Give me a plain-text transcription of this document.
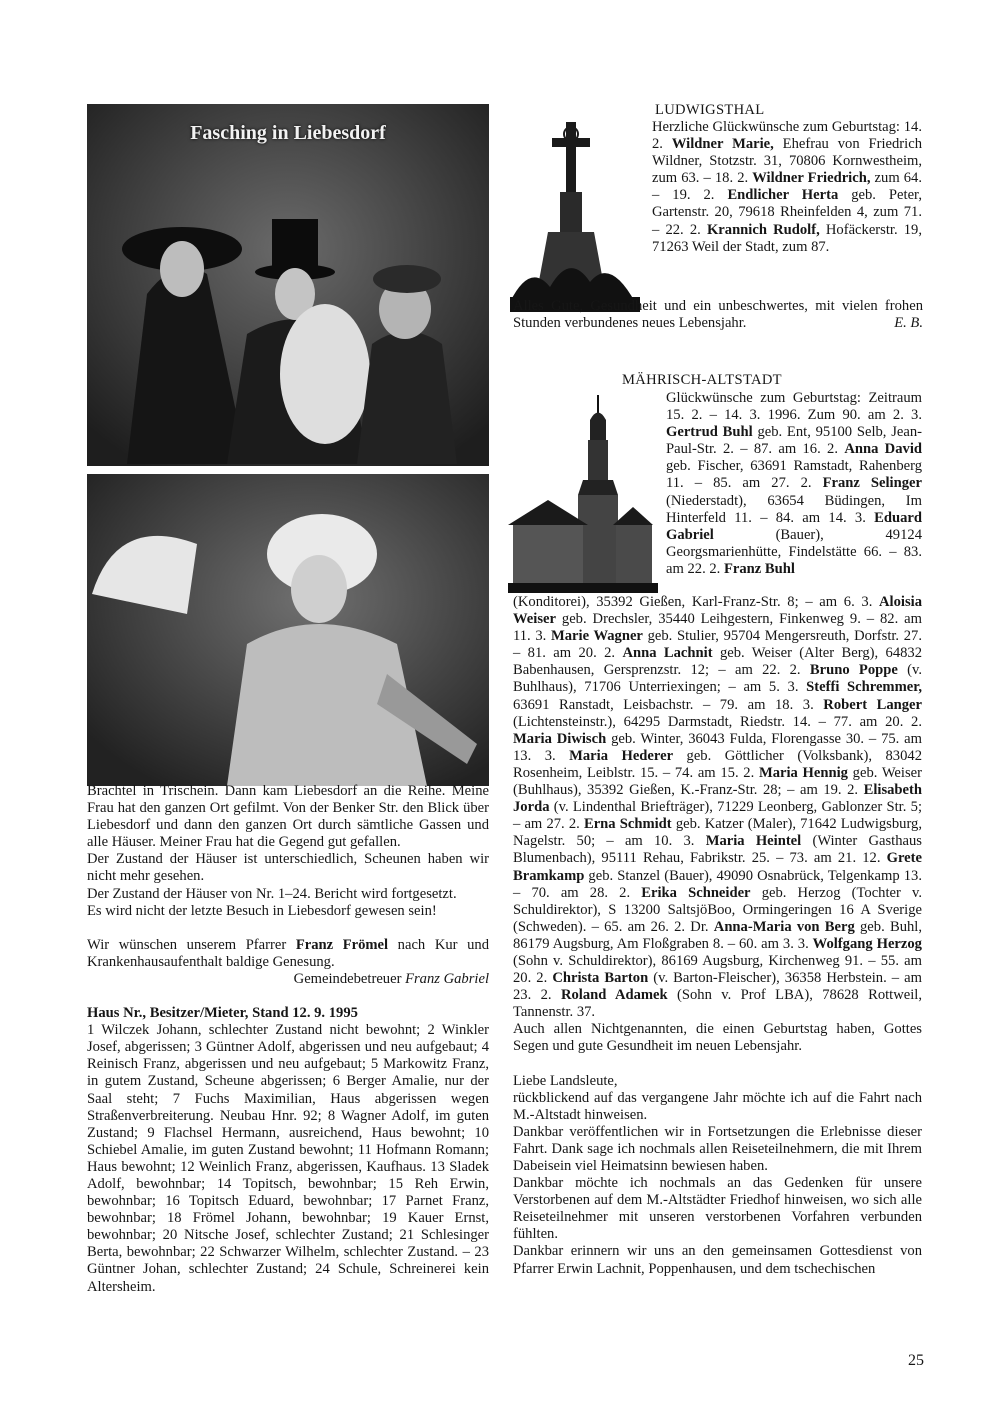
Fasching in Liebesdorf

Brachtel in Trischein. Dann kam Liebesdorf an die Reihe. Meine Frau hat den ganzen Ort gefilmt. Von der Benker Str. den Blick über Liebesdorf und dann den ganzen Ort durch sämtliche Gassen und alle Häuser. Meiner Frau hat die Gegend gut gefallen.

Der Zustand der Häuser ist unterschiedlich, Scheunen haben wir nicht mehr gesehen.

Der Zustand der Häuser von Nr. 1–24. Bericht wird fortgesetzt.

Es wird nicht der letzte Besuch in Liebesdorf gewesen sein!

Wir wünschen unserem Pfarrer Franz Frömel nach Kur und Krankenhausaufenthalt baldige Genesung.

Gemeindebetreuer Franz Gabriel

Haus Nr., Besitzer/Mieter, Stand 12. 9. 1995

1 Wilczek Johann, schlechter Zustand nicht bewohnt; 2 Winkler Josef, abgerissen; 3 Güntner Adolf, abgerissen und neu aufgebaut; 4 Reinisch Franz, abgerissen und neu aufgebaut; 5 Markowitz Franz, in gutem Zustand, Scheune abgerissen; 6 Berger Amalie, nur der Saal steht; 7 Fuchs Maximilian, Haus abgerissen wegen Straßenverbreiterung. Neubau Hnr. 92; 8 Wagner Adolf, im guten Zustand; 9 Flachsel Hermann, ausreichend, Haus bewohnt; 10 Schiebel Amalie, im guten Zustand bewohnt; 11 Hofmann Romann; Haus bewohnt; 12 Weinlich Franz, abgerissen, Kaufhaus. 13 Sladek Adolf, bewohnbar; 14 Topitsch, bewohnbar; 15 Reh Erwin, bewohnbar; 16 Topitsch Eduard, bewohnbar; 17 Parnet Franz, bewohnbar; 18 Frömel Johann, bewohnbar; 19 Kauer Ernst, bewohnbar; 20 Nitsche Josef, schlechter Zustand; 21 Schlesinger Berta, bewohnbar; 22 Schwarzer Wilhelm, schlechter Zustand. – 23 Güntner Johan, schlechter Zustand; 24 Schule, Schreinerei kein Altersheim.

LUDWIGSTHAL
Herzliche Glückwünsche zum Geburtstag: 14. 2. Wildner Marie, Ehefrau von Friedrich Wildner, Stotzstr. 31, 70806 Kornwestheim, zum 63. – 18. 2. Wildner Friedrich, zum 64. – 19. 2. Endlicher Herta geb. Peter, Gartenstr. 20, 79618 Rheinfelden 4, zum 71. – 22. 2. Krannich Rudolf, Hofäckerstr. 19, 71263 Weil der Stadt, zum 87.
Alles Gute, Gesundheit und ein unbeschwertes, mit vielen frohen Stunden verbundenes neues Lebensjahr.	E. B.
MÄHRISCH-ALTSTADT
Glückwünsche zum Geburtstag: Zeitraum 15. 2. – 14. 3. 1996. Zum 90. am 2. 3. Gertrud Buhl geb. Ent, 95100 Selb, Jean-Paul-Str. 2. – 87. am 16. 2. Anna David geb. Fischer, 63691 Ramstadt, Rahenberg 11. – 85. am 27. 2. Franz Selinger (Niederstadt), 63654 Büdingen, Im Hinterfeld 11. – 84. am 14. 3. Eduard Gabriel (Bauer), 49124 Georgsmarienhütte, Findelstätte 66. – 83. am 22. 2. Franz Buhl
(Konditorei), 35392 Gießen, Karl-Franz-Str. 8; – am 6. 3. Aloisia Weiser geb. Drechsler, 35440 Leihgestern, Finkenweg 9. – 82. am 11. 3. Marie Wagner geb. Stulier, 95704 Mengersreuth, Dorfstr. 27. – 81. am 20. 2. Anna Lachnit geb. Weiser (Alter Berg), 64832 Babenhausen, Gersprenzstr. 12; – am 22. 2. Bruno Poppe (v. Buhlhaus), 71706 Unterriexingen; – am 5. 3. Steffi Schremmer, 63691 Ranstadt, Leisbachstr. – 79. am 18. 3. Robert Langer (Lichtensteinstr.), 64295 Darmstadt, Riedstr. 14. – 77. am 20. 2. Maria Diwisch geb. Winter, 36043 Fulda, Florengasse 30. – 75. am 13. 3. Maria Hederer geb. Göttlicher (Volksbank), 83042 Rosenheim, Leiblstr. 15. – 74. am 15. 2. Maria Hennig geb. Weiser (Buhlhaus), 35392 Gießen, K.-Franz-Str. 28; – am 19. 2. Elisabeth Jorda (v. Lindenthal Briefträger), 71229 Leonberg, Gablonzer Str. 5; – am 27. 2. Erna Schmidt geb. Katzer (Maler), 71642 Ludwigsburg, Nagelstr. 50; – am 10. 3. Maria Heintel (Winter Gasthaus Blumenbach), 95111 Rehau, Fabrikstr. 25. – 73. am 21. 12. Grete Bramkamp geb. Stanzel (Bauer), 49090 Osnabrück, Telgenkamp 13. – 70. am 28. 2. Erika Schneider geb. Herzog (Tochter v. Schuldirektor), S 13200 SaltsjöBoo, Ormingeringen 16 A Sverige (Schweden). – 65. am 26. 2. Dr. Anna-Maria von Berg geb. Buhl, 86179 Augsburg, Am Floßgraben 8. – 60. am 3. 3. Wolfgang Herzog (Sohn v. Schuldirektor), 86169 Augsburg, Kirchenweg 91. – 55. am 20. 2. Christa Barton (v. Barton-Fleischer), 36358 Herbstein. – am 23. 2. Roland Adamek (Sohn v. Prof LBA), 78628 Rottweil, Tannenstr. 37.

Auch allen Nichtgenannten, die einen Geburtstag haben, Gottes Segen und gute Gesundheit im neuen Lebensjahr.

Liebe Landsleute,

rückblickend auf das vergangene Jahr möchte ich auf die Fahrt nach M.-Altstadt hinweisen.

Dankbar veröffentlichen wir in Fortsetzungen die Erlebnisse dieser Fahrt. Dank sage ich nochmals allen Reiseteilnehmern, die mit Ihrem Dabeisein viel Heimatsinn bewiesen haben.

Dankbar möchte ich nochmals an das Gedenken für unsere Verstorbenen auf dem M.-Altstädter Friedhof hinweisen, wo sich alle Reiseteilnehmer mit unseren verstorbenen Vorfahren verbunden fühlten.

Dankbar erinnern wir uns an den gemeinsamen Gottesdienst von Pfarrer Erwin Lachnit, Poppenhausen, und dem tschechischen

25
